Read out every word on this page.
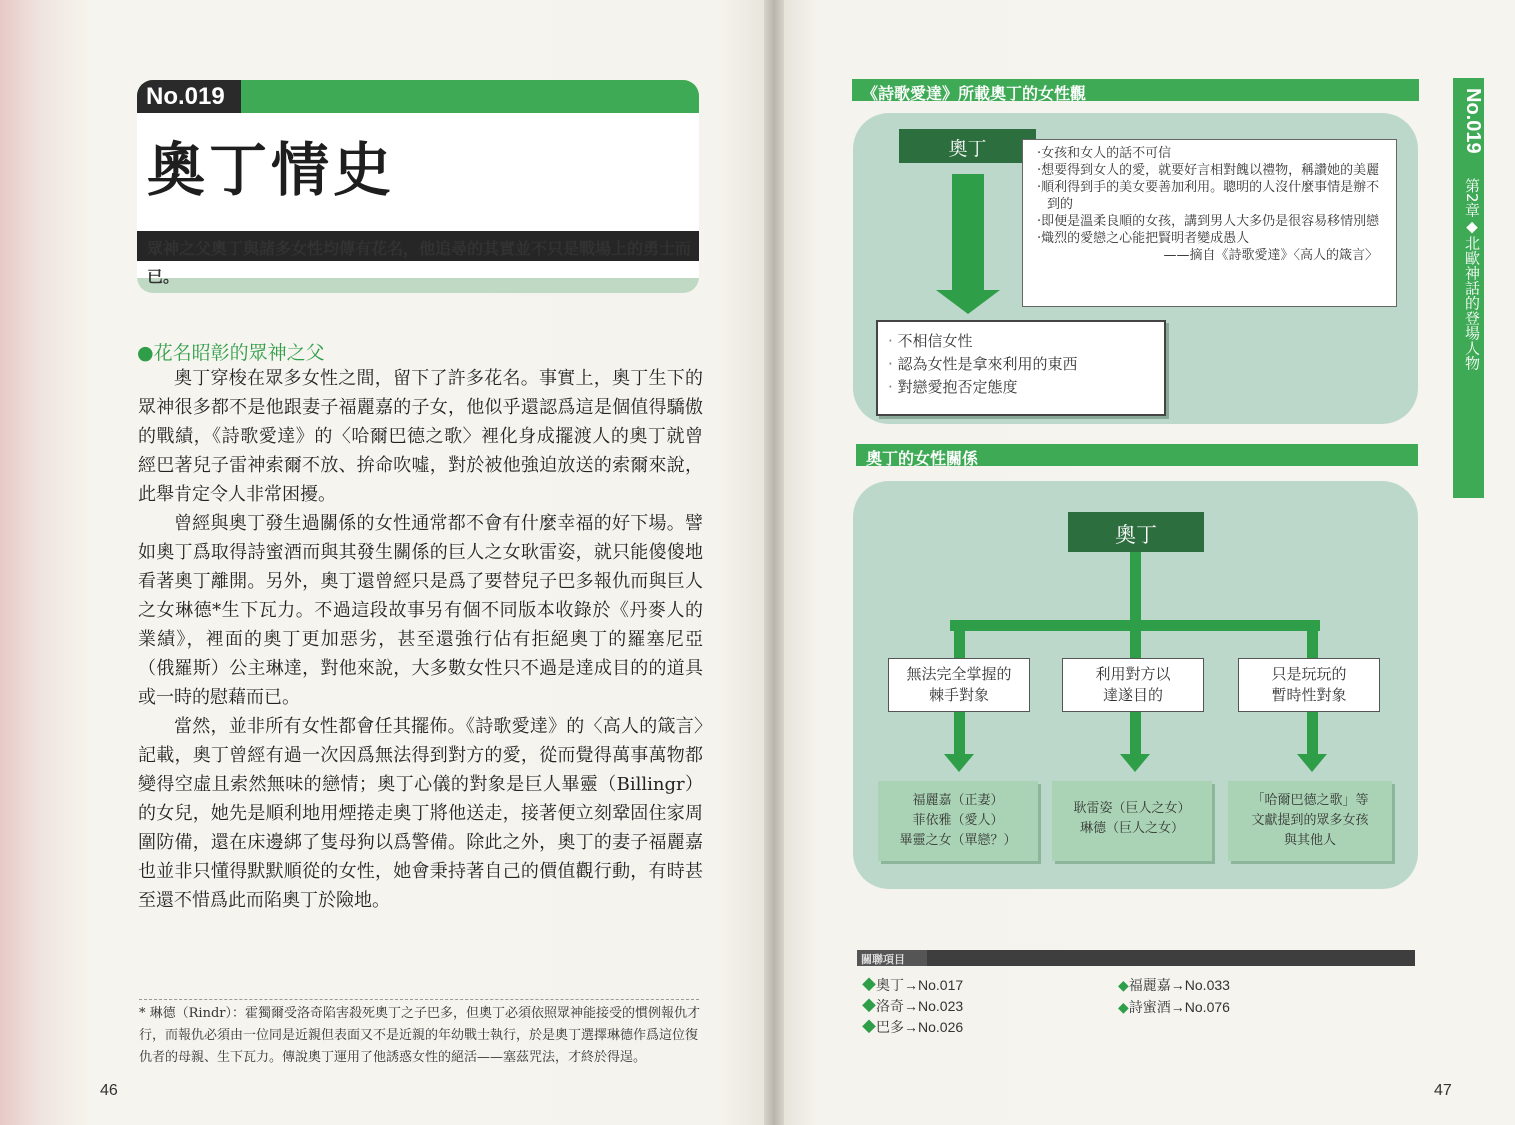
No.019
奧丁情史
眾神之父奧丁與諸多女性均傳有花名，他追尋的其實並不只是戰場上的勇士而已。
●花名昭彰的眾神之父

奧丁穿梭在眾多女性之間，留下了許多花名。事實上，奧丁生下的眾神很多都不是他跟妻子福麗嘉的子女，他似乎還認爲這是個值得驕傲的戰績，《詩歌愛達》的〈哈爾巴德之歌〉裡化身成擺渡人的奧丁就曾經巴著兒子雷神索爾不放、拚命吹噓，對於被他強迫放送的索爾來說，此舉肯定令人非常困擾。

曾經與奧丁發生過關係的女性通常都不會有什麼幸福的好下場。譬如奧丁爲取得詩蜜酒而與其發生關係的巨人之女耿雷姿，就只能傻傻地看著奧丁離開。另外，奧丁還曾經只是爲了要替兒子巴多報仇而與巨人之女琳德*生下瓦力。不過這段故事另有個不同版本收錄於《丹麥人的業績》，裡面的奧丁更加惡劣，甚至還強行佔有拒絕奧丁的羅塞尼亞（俄羅斯）公主琳達，對他來說，大多數女性只不過是達成目的的道具或一時的慰藉而已。

當然，並非所有女性都會任其擺佈。《詩歌愛達》的〈高人的箴言〉記載，奧丁曾經有過一次因爲無法得到對方的愛，從而覺得萬事萬物都變得空虛且索然無味的戀情；奧丁心儀的對象是巨人畢靈（Billingr）的女兒，她先是順利地用煙捲走奧丁將他送走，接著便立刻鞏固住家周圍防備，還在床邊綁了隻母狗以爲警備。除此之外，奧丁的妻子福麗嘉也並非只懂得默默順從的女性，她會秉持著自己的價值觀行動，有時甚至還不惜爲此而陷奧丁於險地。

* 琳德（Rindr）：霍獨爾受洛奇陷害殺死奧丁之子巴多，但奧丁必須依照眾神能接受的慣例報仇才行，而報仇必須由一位同是近親但表面又不是近親的年幼戰士執行，於是奧丁選擇琳德作爲這位復仇者的母親、生下瓦力。傳說奧丁運用了他誘惑女性的絕活——塞茲咒法，才終於得逞。
46
《詩歌愛達》所載奧丁的女性觀
奧丁	·女孩和女人的話不可信
·想要得到女人的愛，就要好言相對餽以禮物，稱讚她的美麗
·順利得到手的美女要善加利用。聰明的人沒什麼事情是辦不到的
·即便是溫柔良順的女孩，講到男人大多仍是很容易移情別戀
·熾烈的愛戀之心能把賢明者變成愚人
——摘自《詩歌愛達》〈高人的箴言〉
· 不相信女性
· 認為女性是拿來利用的東西
· 對戀愛抱否定態度
奧丁的女性關係
奧丁
無法完全掌握的
棘手對象
利用對方以
達遂目的
只是玩玩的
暫時性對象
福麗嘉（正妻）
菲依雅（愛人）
畢靈之女（單戀？）
耿雷姿（巨人之女）
琳德（巨人之女）
「哈爾巴德之歌」等
文獻提到的眾多女孩
與其他人
關聯項目
◆奧丁→No.017
◆洛奇→No.023
◆巴多→No.026
◆福麗嘉→No.033
◆詩蜜酒→No.076
No.019
第2章◆北歐神話的登場人物
47
